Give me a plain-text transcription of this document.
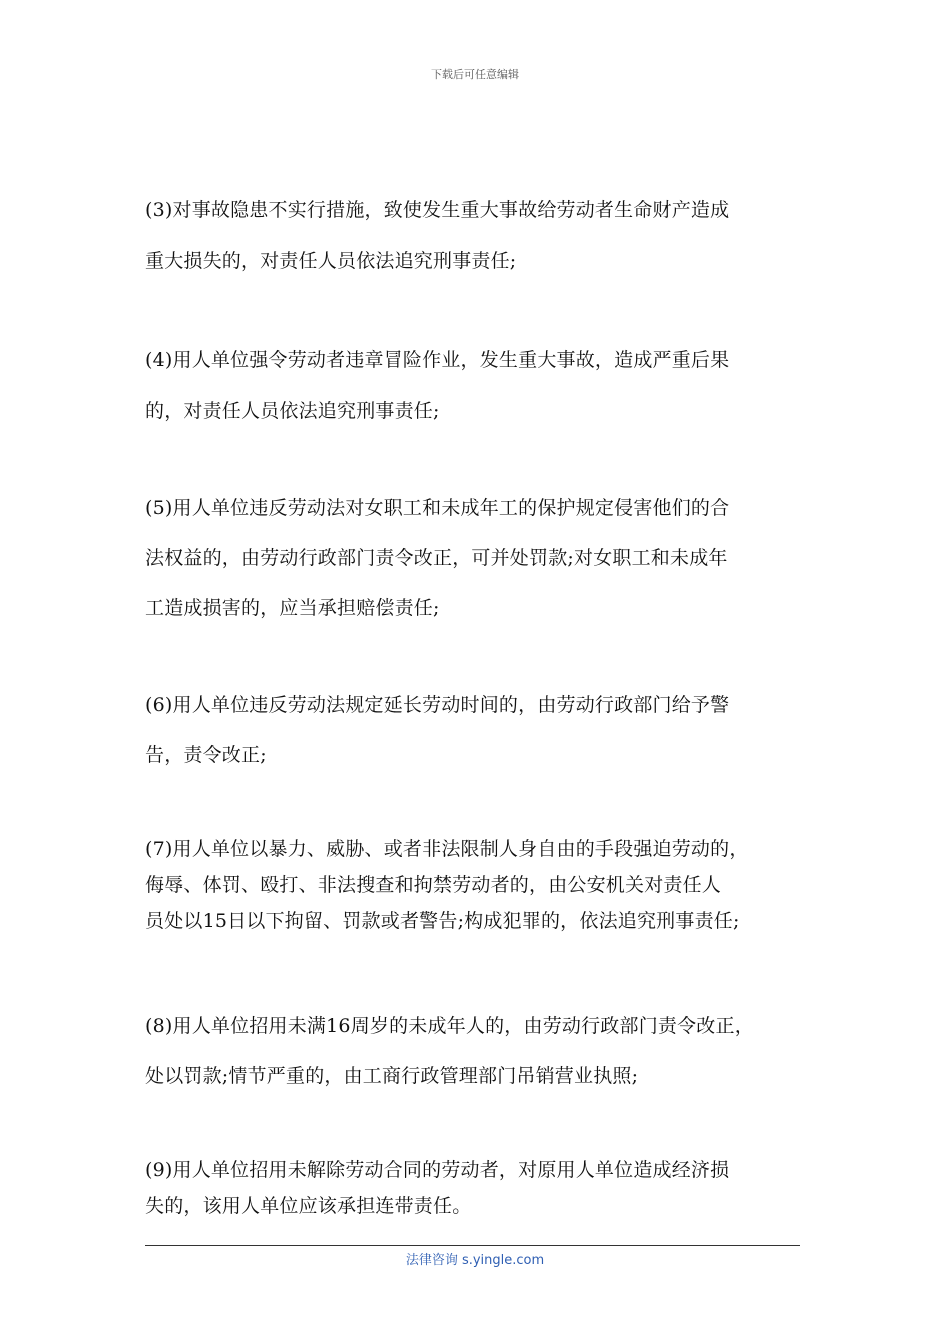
下载后可任意编辑

(3)对事故隐患不实行措施，致使发生重大事故给劳动者生命财产造成
重大损失的，对责任人员依法追究刑事责任;

(4)用人单位强令劳动者违章冒险作业，发生重大事故，造成严重后果
的，对责任人员依法追究刑事责任;

(5)用人单位违反劳动法对女职工和未成年工的保护规定侵害他们的合
法权益的，由劳动行政部门责令改正，可并处罚款;对女职工和未成年
工造成损害的，应当承担赔偿责任;

(6)用人单位违反劳动法规定延长劳动时间的，由劳动行政部门给予警
告，责令改正;

(7)用人单位以暴力、威胁、或者非法限制人身自由的手段强迫劳动的，
侮辱、体罚、殴打、非法搜查和拘禁劳动者的，由公安机关对责任人
员处以15日以下拘留、罚款或者警告;构成犯罪的，依法追究刑事责任;

(8)用人单位招用未满16周岁的未成年人的，由劳动行政部门责令改正，
处以罚款;情节严重的，由工商行政管理部门吊销营业执照;

(9)用人单位招用未解除劳动合同的劳动者，对原用人单位造成经济损
失的，该用人单位应该承担连带责任。

法律咨询 s.yingle.com
